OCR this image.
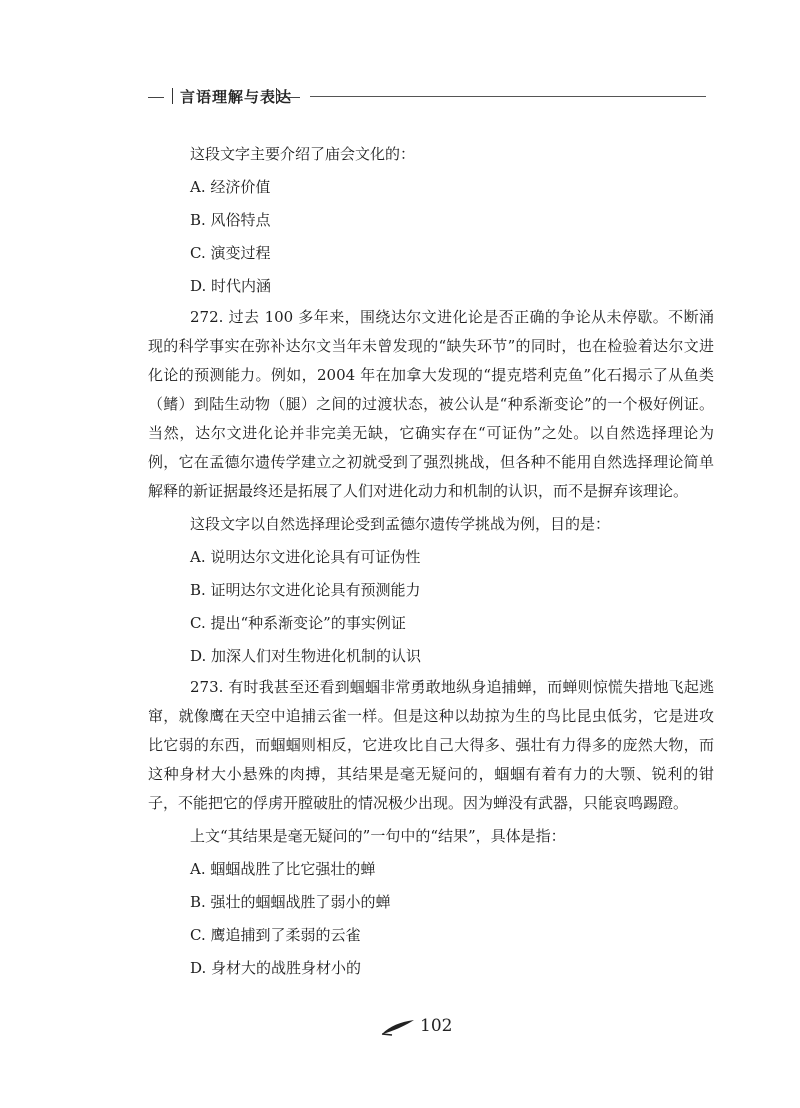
言语理解与表达
这段文字主要介绍了庙会文化的：
A. 经济价值
B. 风俗特点
C. 演变过程
D. 时代内涵

272. 过去 100 多年来，围绕达尔文进化论是否正确的争论从未停歇。不断涌现的科学事实在弥补达尔文当年未曾发现的“缺失环节”的同时，也在检验着达尔文进化论的预测能力。例如，2004 年在加拿大发现的“提克塔利克鱼”化石揭示了从鱼类（鳍）到陆生动物（腿）之间的过渡状态，被公认是“种系渐变论”的一个极好例证。当然，达尔文进化论并非完美无缺，它确实存在“可证伪”之处。以自然选择理论为例，它在孟德尔遗传学建立之初就受到了强烈挑战，但各种不能用自然选择理论简单解释的新证据最终还是拓展了人们对进化动力和机制的认识，而不是摒弃该理论。

这段文字以自然选择理论受到孟德尔遗传学挑战为例，目的是：
A. 说明达尔文进化论具有可证伪性
B. 证明达尔文进化论具有预测能力
C. 提出“种系渐变论”的事实例证
D. 加深人们对生物进化机制的认识

273. 有时我甚至还看到蝈蝈非常勇敢地纵身追捕蝉，而蝉则惊慌失措地飞起逃窜，就像鹰在天空中追捕云雀一样。但是这种以劫掠为生的鸟比昆虫低劣，它是进攻比它弱的东西，而蝈蝈则相反，它进攻比自己大得多、强壮有力得多的庞然大物，而这种身材大小悬殊的肉搏，其结果是毫无疑问的，蝈蝈有着有力的大颚、锐利的钳子，不能把它的俘虏开膛破肚的情况极少出现。因为蝉没有武器，只能哀鸣踢蹬。

上文“其结果是毫无疑问的”一句中的“结果”，具体是指：
A. 蝈蝈战胜了比它强壮的蝉
B. 强壮的蝈蝈战胜了弱小的蝉
C. 鹰追捕到了柔弱的云雀
D. 身材大的战胜身材小的
102
